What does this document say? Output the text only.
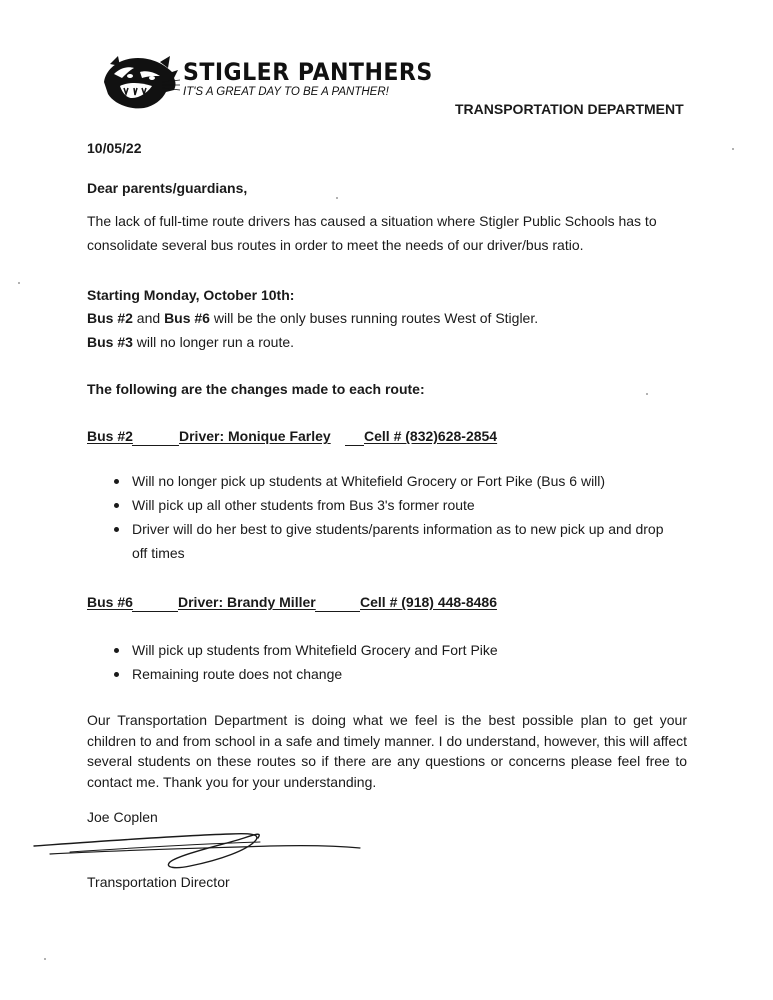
STIGLER PANTHERS
IT'S A GREAT DAY TO BE A PANTHER!
TRANSPORTATION DEPARTMENT
10/05/22
Dear parents/guardians,
The lack of full-time route drivers has caused a situation where Stigler Public Schools has to consolidate several bus routes in order to meet the needs of our driver/bus ratio.
Starting Monday, October 10th:
Bus #2 and Bus #6 will be the only buses running routes West of Stigler.
Bus #3 will no longer run a route.
The following are the changes made to each route:
Bus #2	Driver: Monique Farley Cell # (832)628-2854
Will no longer pick up students at Whitefield Grocery or Fort Pike (Bus 6 will)
Will pick up all other students from Bus 3's former route
Driver will do her best to give students/parents information as to new pick up and drop
off times
Bus #6	Driver: Brandy Miller	Cell # (918) 448-8486
Will pick up students from Whitefield Grocery and Fort Pike
Remaining route does not change
Our Transportation Department is doing what we feel is the best possible plan to get your children to and from school in a safe and timely manner. I do understand, however, this will affect several students on these routes so if there are any questions or concerns please feel free to contact me. Thank you for your understanding.
Joe Coplen
Transportation Director
